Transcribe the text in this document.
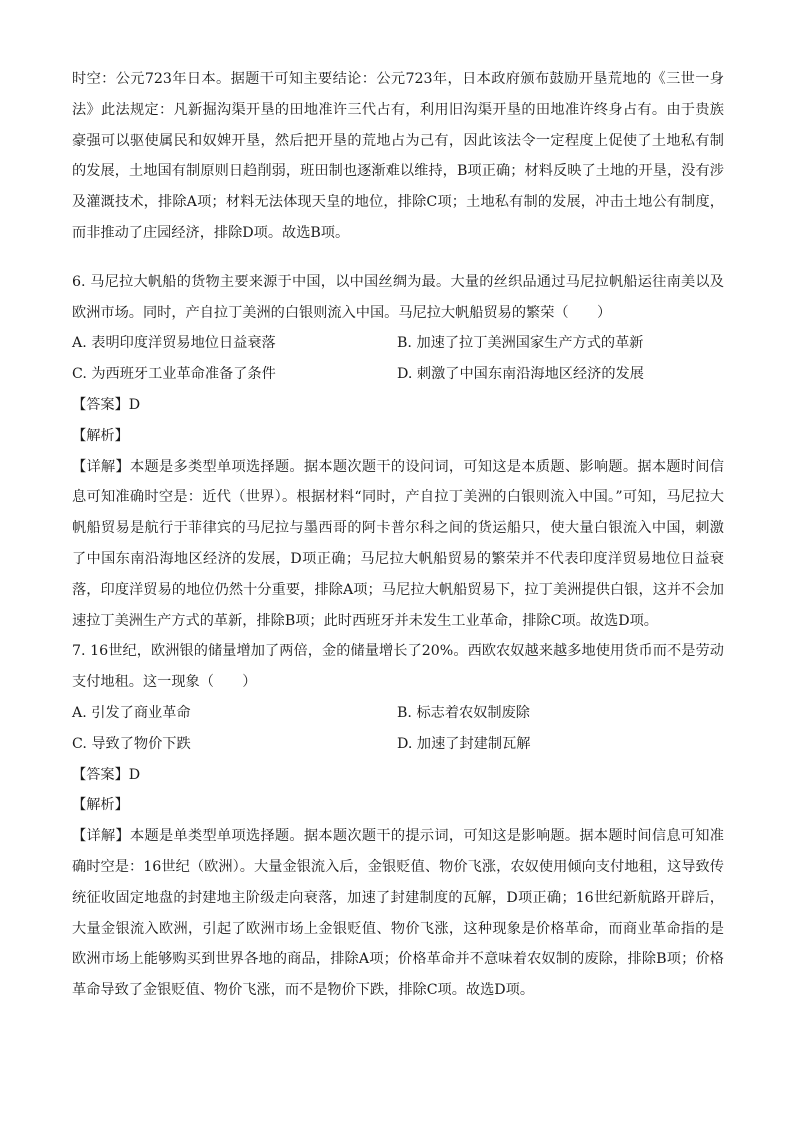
时空：公元723年日本。据题干可知主要结论：公元723年，日本政府颁布鼓励开垦荒地的《三世一身法》此法规定：凡新掘沟渠开垦的田地准许三代占有，利用旧沟渠开垦的田地准许终身占有。由于贵族豪强可以驱使属民和奴婢开垦，然后把开垦的荒地占为己有，因此该法令一定程度上促使了土地私有制的发展，土地国有制原则日趋削弱，班田制也逐渐难以维持，B项正确；材料反映了土地的开垦，没有涉及灌溉技术，排除A项；材料无法体现天皇的地位，排除C项；土地私有制的发展，冲击土地公有制度，而非推动了庄园经济，排除D项。故选B项。

6. 马尼拉大帆船的货物主要来源于中国，以中国丝绸为最。大量的丝织品通过马尼拉帆船运往南美以及欧洲市场。同时，产自拉丁美洲的白银则流入中国。马尼拉大帆船贸易的繁荣（　　）

A. 表明印度洋贸易地位日益衰落	B. 加速了拉丁美洲国家生产方式的革新
C. 为西班牙工业革命准备了条件	D. 刺激了中国东南沿海地区经济的发展

【答案】D

【解析】

【详解】本题是多类型单项选择题。据本题次题干的设问词，可知这是本质题、影响题。据本题时间信息可知准确时空是：近代（世界）。根据材料“同时，产自拉丁美洲的白银则流入中国。”可知，马尼拉大帆船贸易是航行于菲律宾的马尼拉与墨西哥的阿卡普尔科之间的货运船只，使大量白银流入中国，刺激了中国东南沿海地区经济的发展，D项正确；马尼拉大帆船贸易的繁荣并不代表印度洋贸易地位日益衰落，印度洋贸易的地位仍然十分重要，排除A项；马尼拉大帆船贸易下，拉丁美洲提供白银，这并不会加速拉丁美洲生产方式的革新，排除B项；此时西班牙并未发生工业革命，排除C项。故选D项。

7. 16世纪，欧洲银的储量增加了两倍，金的储量增长了20%。西欧农奴越来越多地使用货币而不是劳动支付地租。这一现象（　　）

A. 引发了商业革命	B. 标志着农奴制废除
C. 导致了物价下跌	D. 加速了封建制瓦解

【答案】D

【解析】

【详解】本题是单类型单项选择题。据本题次题干的提示词，可知这是影响题。据本题时间信息可知准确时空是：16世纪（欧洲）。大量金银流入后，金银贬值、物价飞涨，农奴使用倾向支付地租，这导致传统征收固定地盘的封建地主阶级走向衰落，加速了封建制度的瓦解，D项正确；16世纪新航路开辟后，大量金银流入欧洲，引起了欧洲市场上金银贬值、物价飞涨，这种现象是价格革命，而商业革命指的是欧洲市场上能够购买到世界各地的商品，排除A项；价格革命并不意味着农奴制的废除，排除B项；价格革命导致了金银贬值、物价飞涨，而不是物价下跌，排除C项。故选D项。
